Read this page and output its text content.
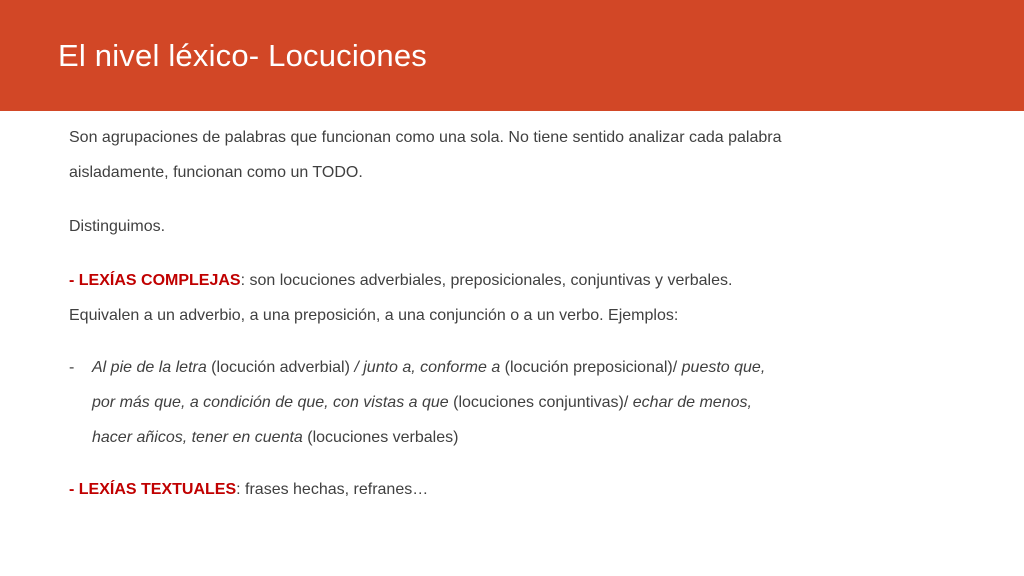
El nivel léxico- Locuciones

Son agrupaciones de palabras que funcionan como una sola. No tiene sentido analizar cada palabra aisladamente, funcionan como un TODO.

Distinguimos.

- LEXÍAS COMPLEJAS: son locuciones adverbiales, preposicionales, conjuntivas y verbales. Equivalen a un adverbio, a una preposición, a una conjunción o a un verbo. Ejemplos:

- Al pie de la letra (locución adverbial) / junto a, conforme a (locución preposicional)/ puesto que, por más que, a condición de que, con vistas a que (locuciones conjuntivas)/ echar de menos, hacer añicos, tener en cuenta (locuciones verbales)

- LEXÍAS TEXTUALES: frases hechas, refranes…
